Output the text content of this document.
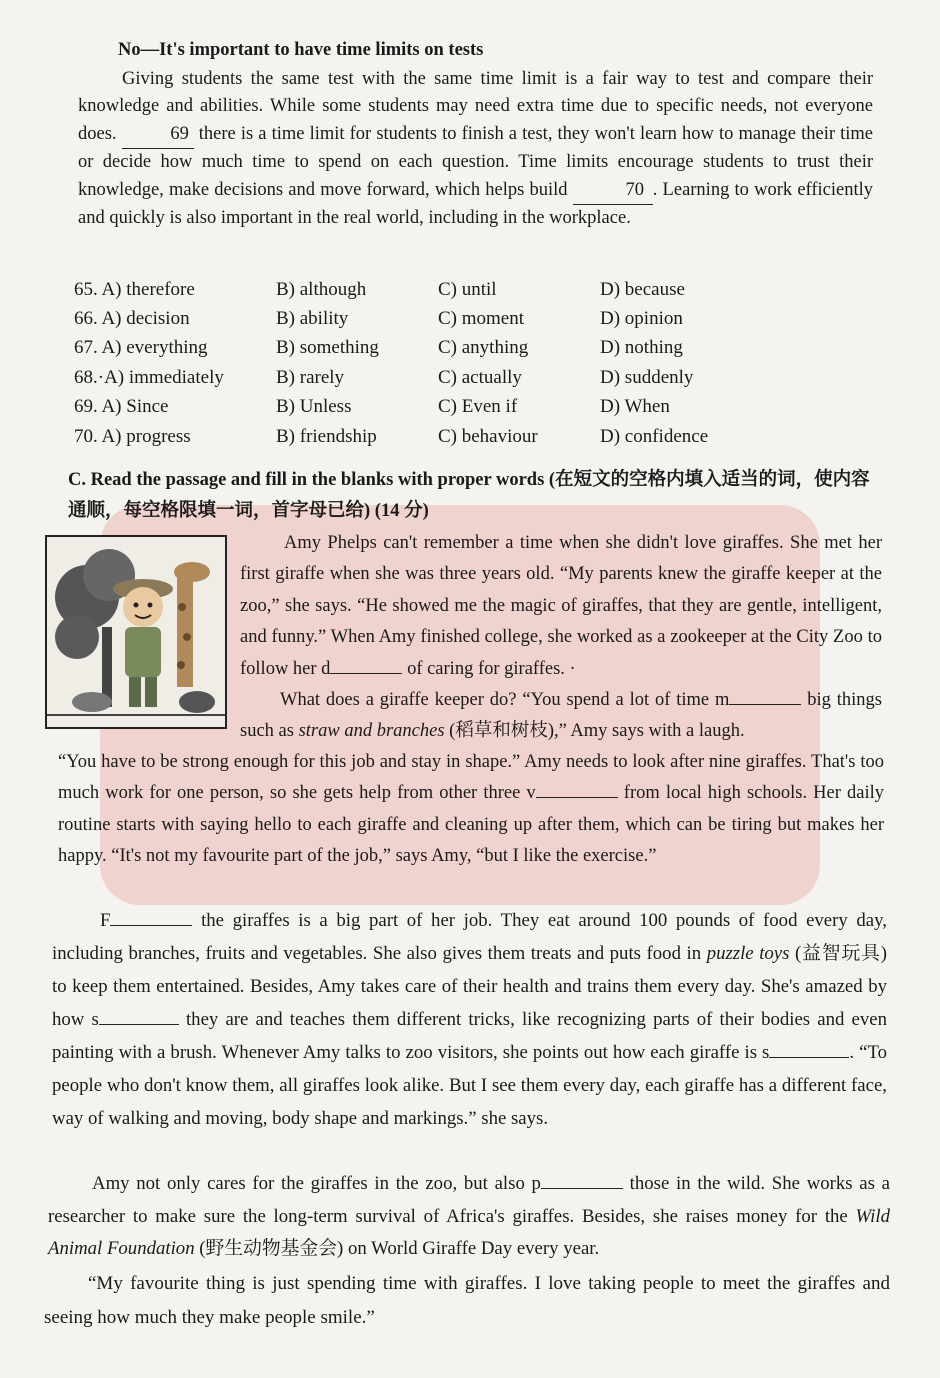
No—It's important to have time limits on tests
Giving students the same test with the same time limit is a fair way to test and compare their knowledge and abilities. While some students may need extra time due to specific needs, not everyone does.	69 there is a time limit for students to finish a test, they won't learn how to manage their time or decide how much time to spend on each question. Time limits encourage students to trust their knowledge, make decisions and move forward, which helps build	70 . Learning to work efficiently and quickly is also important in the real world, including in the workplace.
65. A) therefore	B) although	C) until	D) because
66. A) decision	B) ability	C) moment	D) opinion
67. A) everything	B) something	C) anything	D) nothing
68.·A) immediately	B) rarely	C) actually	D) suddenly
69. A) Since	B) Unless	C) Even if	D) When
70. A) progress	B) friendship	C) behaviour	D) confidence
C. Read the passage and fill in the blanks with proper words (在短文的空格内填入适当的词，使内容通顺，每空格限填一词，首字母已给) (14 分)
Amy Phelps can't remember a time when she didn't love giraffes. She met her first giraffe when she was three years old. “My parents knew the giraffe keeper at the zoo,” she says. “He showed me the magic of giraffes, that they are gentle, intelligent, and funny.” When Amy finished college, she worked as a zookeeper at the City Zoo to follow her d	of caring for giraffes. ·
What does a giraffe keeper do? “You spend a lot of time m	big things such as straw and branches (稻草和树枝),” Amy says with a laugh.
“You have to be strong enough for this job and stay in shape.” Amy needs to look after nine giraffes. That's too much work for one person, so she gets help from other three v	from local high schools. Her daily routine starts with saying hello to each giraffe and cleaning up after them, which can be tiring but makes her happy. “It's not my favourite part of the job,” says Amy, “but I like the exercise.”
F	the giraffes is a big part of her job. They eat around 100 pounds of food every day, including branches, fruits and vegetables. She also gives them treats and puts food in puzzle toys (益智玩具) to keep them entertained. Besides, Amy takes care of their health and trains them every day. She's amazed by how s	they are and teaches them different tricks, like recognizing parts of their bodies and even painting with a brush. Whenever Amy talks to zoo visitors, she points out how each giraffe is s	. “To people who don't know them, all giraffes look alike. But I see them every day, each giraffe has a different face, way of walking and moving, body shape and markings.” she says.
Amy not only cares for the giraffes in the zoo, but also p	those in the wild. She works as a researcher to make sure the long-term survival of Africa's giraffes. Besides, she raises money for the Wild Animal Foundation (野生动物基金会) on World Giraffe Day every year.
“My favourite thing is just spending time with giraffes. I love taking people to meet the giraffes and seeing how much they make people smile.”
